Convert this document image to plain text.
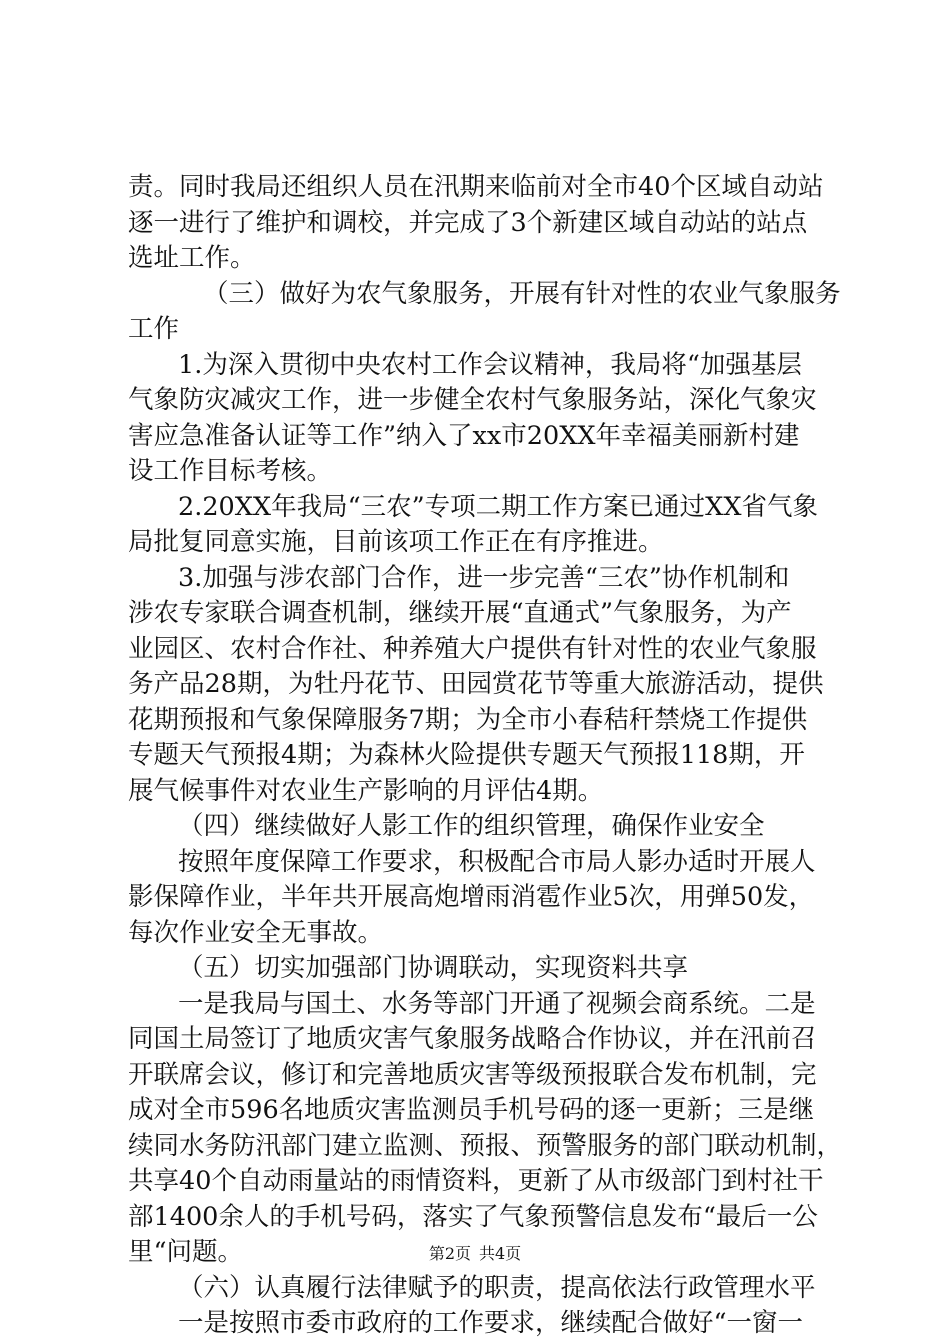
责。同时我局还组织人员在汛期来临前对全市40个区域自动站
逐一进行了维护和调校，并完成了3个新建区域自动站的站点
选址工作。
（三）做好为农气象服务，开展有针对性的农业气象服务
工作
1.为深入贯彻中央农村工作会议精神，我局将“加强基层
气象防灾减灾工作，进一步健全农村气象服务站，深化气象灾
害应急准备认证等工作”纳入了xx市20XX年幸福美丽新村建
设工作目标考核。
2.20XX年我局“三农”专项二期工作方案已通过XX省气象
局批复同意实施，目前该项工作正在有序推进。
3.加强与涉农部门合作，进一步完善“三农”协作机制和
涉农专家联合调查机制，继续开展“直通式”气象服务，为产
业园区、农村合作社、种养殖大户提供有针对性的农业气象服
务产品28期，为牡丹花节、田园赏花节等重大旅游活动，提供
花期预报和气象保障服务7期；为全市小春秸秆禁烧工作提供
专题天气预报4期；为森林火险提供专题天气预报118期，开
展气候事件对农业生产影响的月评估4期。
（四）继续做好人影工作的组织管理，确保作业安全
按照年度保障工作要求，积极配合市局人影办适时开展人
影保障作业，半年共开展高炮增雨消雹作业5次，用弹50发，
每次作业安全无事故。
（五）切实加强部门协调联动，实现资料共享
一是我局与国土、水务等部门开通了视频会商系统。二是
同国土局签订了地质灾害气象服务战略合作协议，并在汛前召
开联席会议，修订和完善地质灾害等级预报联合发布机制，完
成对全市596名地质灾害监测员手机号码的逐一更新；三是继
续同水务防汛部门建立监测、预报、预警服务的部门联动机制，
共享40个自动雨量站的雨情资料，更新了从市级部门到村社干
部1400余人的手机号码，落实了气象预警信息发布“最后一公
里“问题。
（六）认真履行法律赋予的职责，提高依法行政管理水平
一是按照市委市政府的工作要求，继续配合做好“一窗一
第2页 共4页
